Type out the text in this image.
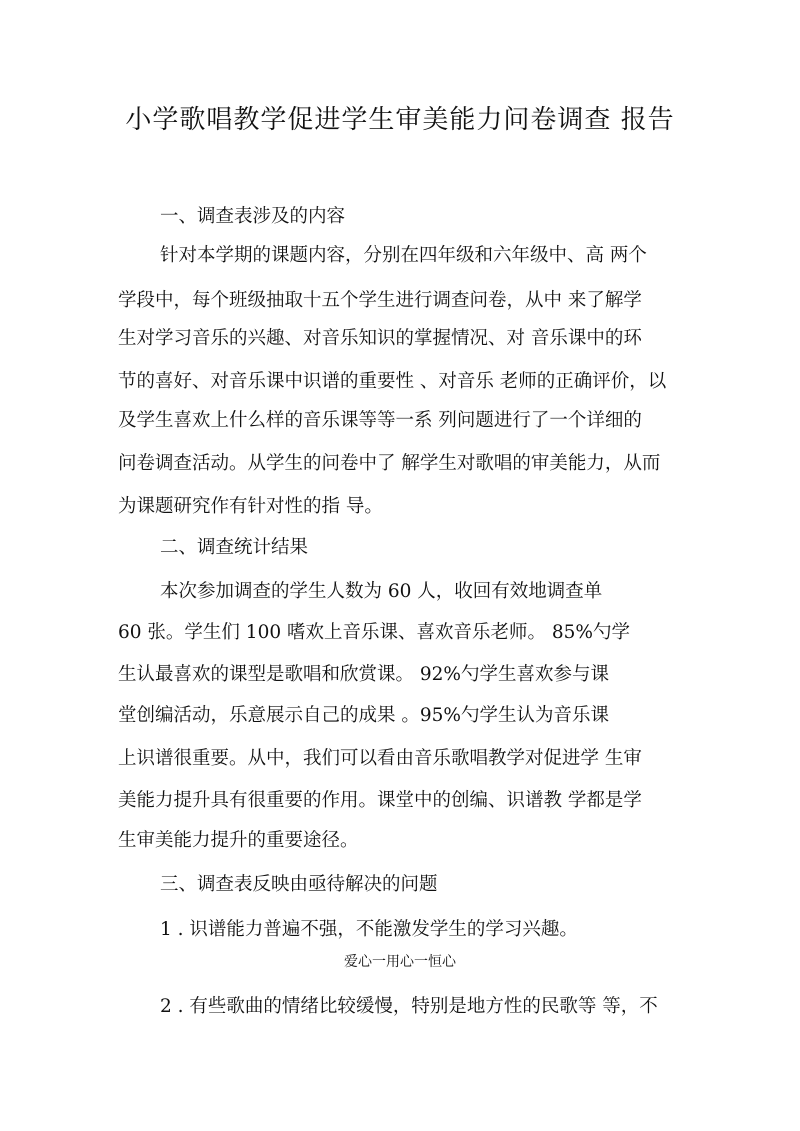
小学歌唱教学促进学生审美能力问卷调查 报告
一、调查表涉及的内容
针对本学期的课题内容，分别在四年级和六年级中、高 两个
学段中，每个班级抽取十五个学生进行调查问卷，从中 来了解学
生对学习音乐的兴趣、对音乐知识的掌握情况、对 音乐课中的环
节的喜好、对音乐课中识谱的重要性 、对音乐 老师的正确评价，以
及学生喜欢上什么样的音乐课等等一系 列问题进行了一个详细的
问卷调查活动。从学生的问卷中了 解学生对歌唱的审美能力，从而
为课题研究作有针对性的指 导。
二、调查统计结果
本次参加调查的学生人数为 60 人，收回有效地调查单
60 张。学生们 100 嗜欢上音乐课、喜欢音乐老师。 85%勺学
生认最喜欢的课型是歌唱和欣赏课。 92%勺学生喜欢参与课
堂创编活动，乐意展示自己的成果 。95%勺学生认为音乐课
上识谱很重要。从中，我们可以看由音乐歌唱教学对促进学 生审
美能力提升具有很重要的作用。课堂中的创编、识谱教 学都是学
生审美能力提升的重要途径。
三、调查表反映由亟待解决的问题
1 . 识谱能力普遍不强，不能激发学生的学习兴趣。
爱心一用心一恒心
2 . 有些歌曲的情绪比较缓慢，特别是地方性的民歌等 等，不
